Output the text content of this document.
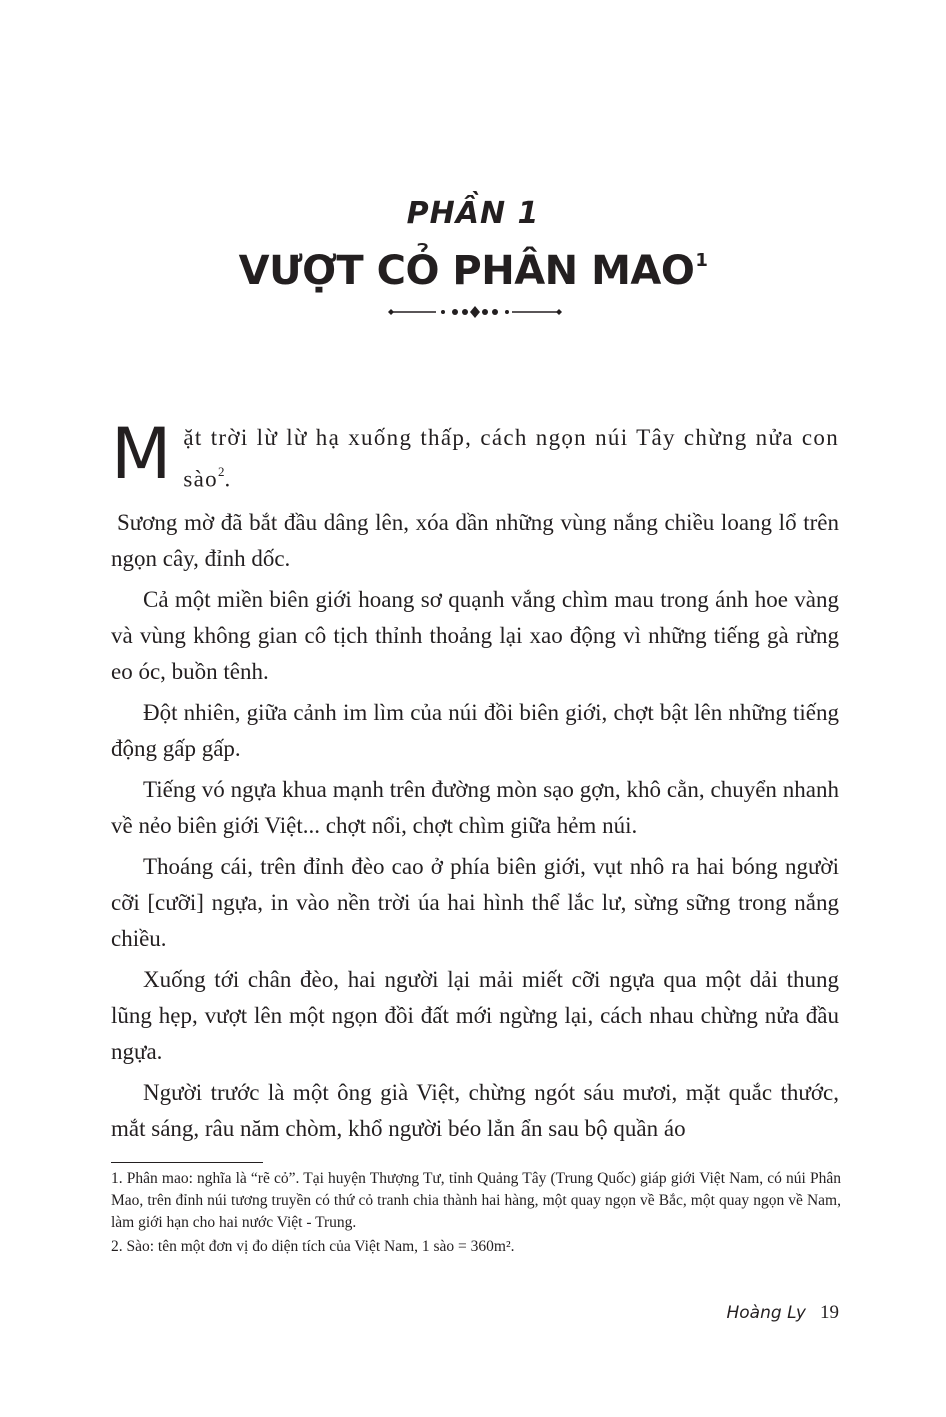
PHẦN 1
VƯỢT CỎ PHÂN MAO$^1$

Mặt trời lừ lừ hạ xuống thấp, cách ngọn núi Tây chừng nửa con sào$^2$.

Sương mờ đã bắt đầu dâng lên, xóa dần những vùng nắng chiều loang lổ trên ngọn cây, đỉnh dốc.

Cả một miền biên giới hoang sơ quạnh vắng chìm mau trong ánh hoe vàng và vùng không gian cô tịch thỉnh thoảng lại xao động vì những tiếng gà rừng eo óc, buồn tênh.

Đột nhiên, giữa cảnh im lìm của núi đồi biên giới, chợt bật lên những tiếng động gấp gấp.

Tiếng vó ngựa khua mạnh trên đường mòn sạo gợn, khô cằn, chuyển nhanh về nẻo biên giới Việt... chợt nổi, chợt chìm giữa hẻm núi.

Thoáng cái, trên đỉnh đèo cao ở phía biên giới, vụt nhô ra hai bóng người cỡi [cưỡi] ngựa, in vào nền trời úa hai hình thể lắc lư, sừng sững trong nắng chiều.

Xuống tới chân đèo, hai người lại mải miết cỡi ngựa qua một dải thung lũng hẹp, vượt lên một ngọn đồi đất mới ngừng lại, cách nhau chừng nửa đầu ngựa.

Người trước là một ông già Việt, chừng ngót sáu mươi, mặt quắc thước, mắt sáng, râu năm chòm, khổ người béo lẳn ẩn sau bộ quần áo

1. Phân mao: nghĩa là “rẽ cỏ”. Tại huyện Thượng Tư, tỉnh Quảng Tây (Trung Quốc) giáp giới Việt Nam, có núi Phân Mao, trên đỉnh núi tương truyền có thứ cỏ tranh chia thành hai hàng, một quay ngọn về Bắc, một quay ngọn về Nam, làm giới hạn cho hai nước Việt - Trung.

2. Sào: tên một đơn vị đo diện tích của Việt Nam, 1 sào = 360m².

Hoàng Ly 19
